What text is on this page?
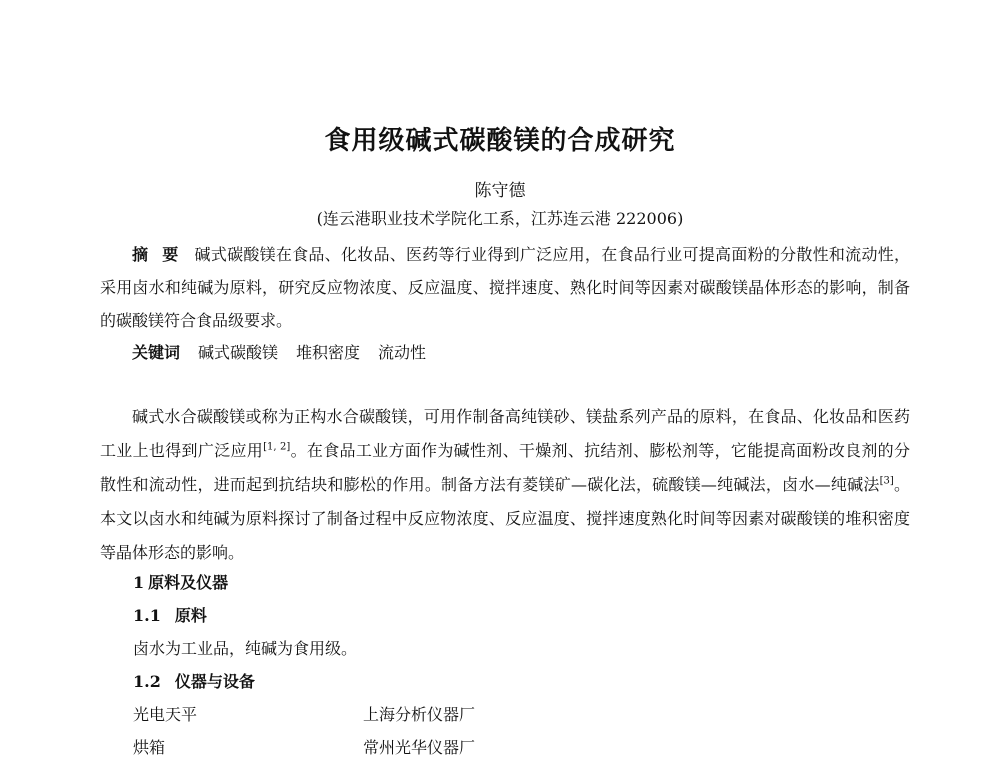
食用级碱式碳酸镁的合成研究
陈守德
(连云港职业技术学院化工系，江苏连云港 222006)
摘要 碱式碳酸镁在食品、化妆品、医药等行业得到广泛应用，在食品行业可提高面粉的分散性和流动性，采用卤水和纯碱为原料，研究反应物浓度、反应温度、搅拌速度、熟化时间等因素对碳酸镁晶体形态的影响，制备的碳酸镁符合食品级要求。
关键词 碱式碳酸镁 堆积密度 流动性
碱式水合碳酸镁或称为正构水合碳酸镁，可用作制备高纯镁砂、镁盐系列产品的原料，在食品、化妆品和医药工业上也得到广泛应用[1, 2]。在食品工业方面作为碱性剂、干燥剂、抗结剂、膨松剂等，它能提高面粉改良剂的分散性和流动性，进而起到抗结块和膨松的作用。制备方法有菱镁矿—碳化法，硫酸镁—纯碱法，卤水—纯碱法[3]。本文以卤水和纯碱为原料探讨了制备过程中反应物浓度、反应温度、搅拌速度熟化时间等因素对碳酸镁的堆积密度等晶体形态的影响。
1 原料及仪器
1.1 原料
卤水为工业品，纯碱为食用级。
1.2 仪器与设备
光电天平	上海分析仪器厂
烘箱	常州光华仪器厂
